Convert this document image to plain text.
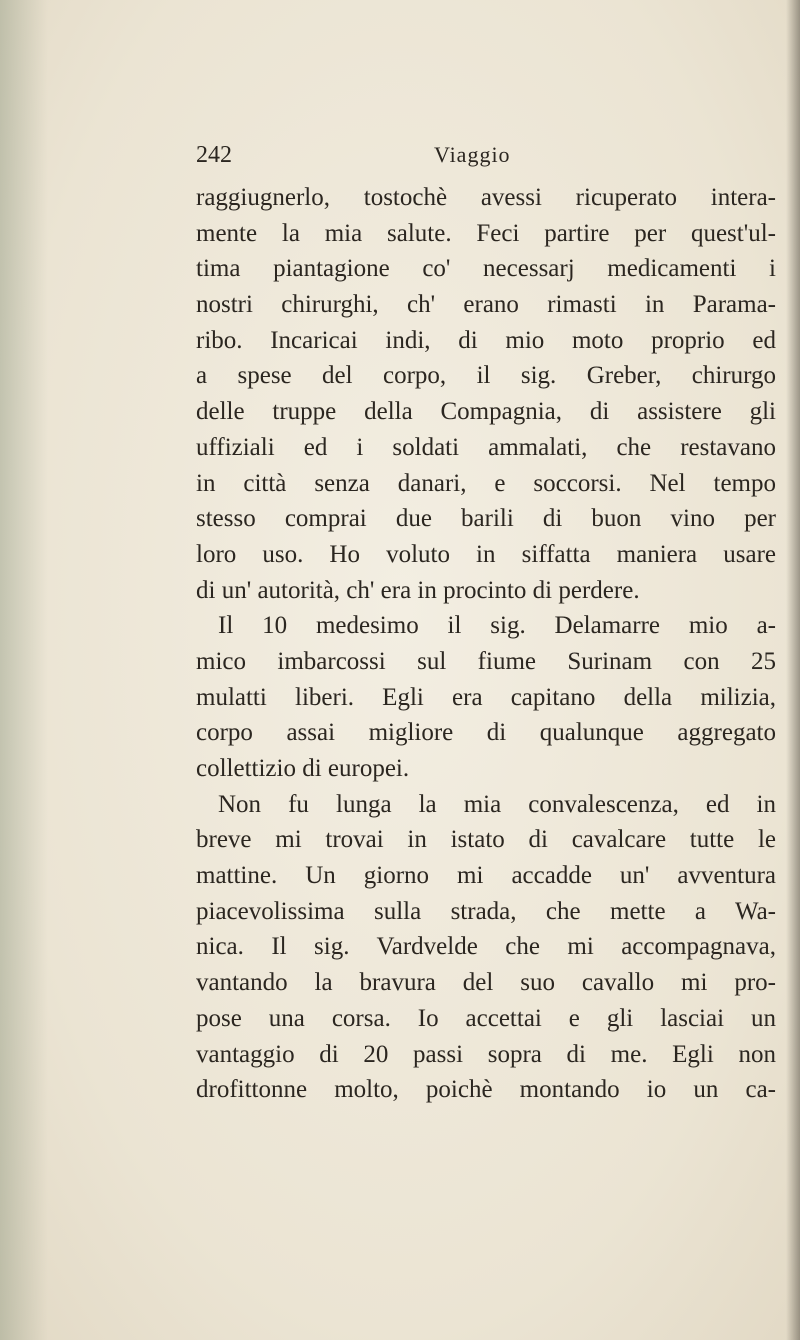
242	Viaggio
raggiugnerlo, tostochè avessi ricuperato intera-
mente la mia salute. Feci partire per quest'ul-
tima piantagione co' necessarj medicamenti i
nostri chirurghi, ch' erano rimasti in Parama-
ribo. Incaricai indi, di mio moto proprio ed
a spese del corpo, il sig. Greber, chirurgo
delle truppe della Compagnia, di assistere gli
uffiziali ed i soldati ammalati, che restavano
in città senza danari, e soccorsi. Nel tempo
stesso comprai due barili di buon vino per
loro uso. Ho voluto in siffatta maniera usare
di un' autorità, ch' era in procinto di perdere.
Il 10 medesimo il sig. Delamarre mio a-
mico imbarcossi sul fiume Surinam con 25
mulatti liberi. Egli era capitano della milizia,
corpo assai migliore di qualunque aggregato
collettizio di europei.
Non fu lunga la mia convalescenza, ed in
breve mi trovai in istato di cavalcare tutte le
mattine. Un giorno mi accadde un' avventura
piacevolissima sulla strada, che mette a Wa-
nica. Il sig. Vardvelde che mi accompagnava,
vantando la bravura del suo cavallo mi pro-
pose una corsa. Io accettai e gli lasciai un
vantaggio di 20 passi sopra di me. Egli non
drofittonne molto, poichè montando io un ca-
